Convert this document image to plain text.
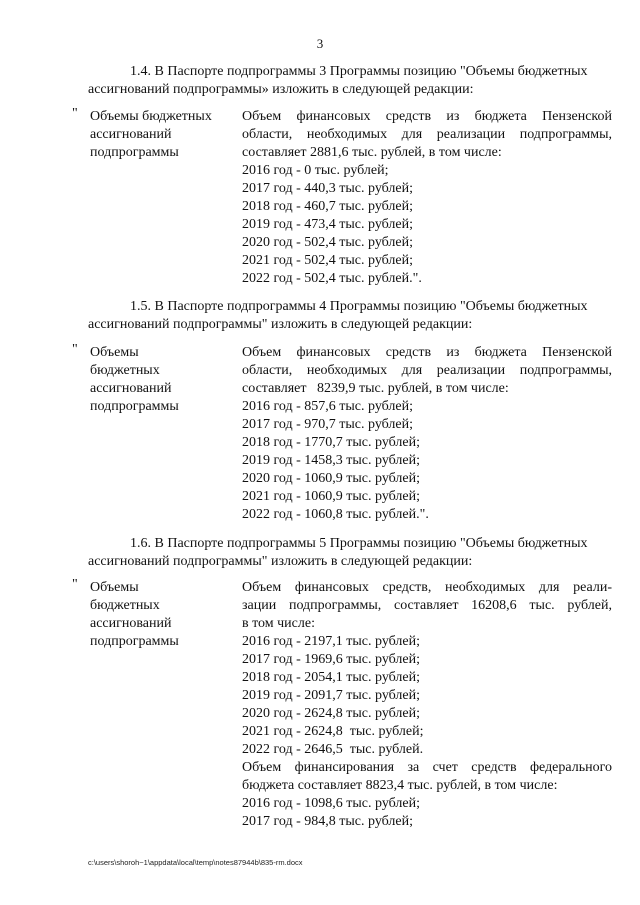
3
1.4. В Паспорте подпрограммы 3 Программы позицию "Объемы бюджетных
ассигнований подпрограммы» изложить в следующей редакции:
" Объемы бюджетных
ассигнований
подпрограммы
Объем финансовых средств из бюджета Пензенской
области, необходимых для реализации подпрограммы,
составляет 2881,6 тыс. рублей, в том числе:
2016 год - 0 тыс. рублей;
2017 год - 440,3 тыс. рублей;
2018 год - 460,7 тыс. рублей;
2019 год - 473,4 тыс. рублей;
2020 год - 502,4 тыс. рублей;
2021 год - 502,4 тыс. рублей;
2022 год - 502,4 тыс. рублей.".
1.5. В Паспорте подпрограммы 4 Программы позицию "Объемы бюджетных
ассигнований подпрограммы" изложить в следующей редакции:
" Объемы
бюджетных
ассигнований
подпрограммы
Объем финансовых средств из бюджета Пензенской
области, необходимых для реализации подпрограммы,
составляет   8239,9 тыс. рублей, в том числе:
2016 год - 857,6 тыс. рублей;
2017 год - 970,7 тыс. рублей;
2018 год - 1770,7 тыс. рублей;
2019 год - 1458,3 тыс. рублей;
2020 год - 1060,9 тыс. рублей;
2021 год - 1060,9 тыс. рублей;
2022 год - 1060,8 тыс. рублей.".
1.6. В Паспорте подпрограммы 5 Программы позицию "Объемы бюджетных
ассигнований подпрограммы" изложить в следующей редакции:
" Объемы
бюджетных
ассигнований
подпрограммы
Объем финансовых средств, необходимых для реали-
зации подпрограммы, составляет 16208,6 тыс. рублей,
в том числе:
2016 год - 2197,1 тыс. рублей;
2017 год - 1969,6 тыс. рублей;
2018 год - 2054,1 тыс. рублей;
2019 год - 2091,7 тыс. рублей;
2020 год - 2624,8 тыс. рублей;
2021 год - 2624,8  тыс. рублей;
2022 год - 2646,5  тыс. рублей.
Объем финансирования за счет средств федерального
бюджета составляет 8823,4 тыс. рублей, в том числе:
2016 год - 1098,6 тыс. рублей;
2017 год - 984,8 тыс. рублей;
c:\users\shoroh~1\appdata\local\temp\notes87944b\835-rm.docx
